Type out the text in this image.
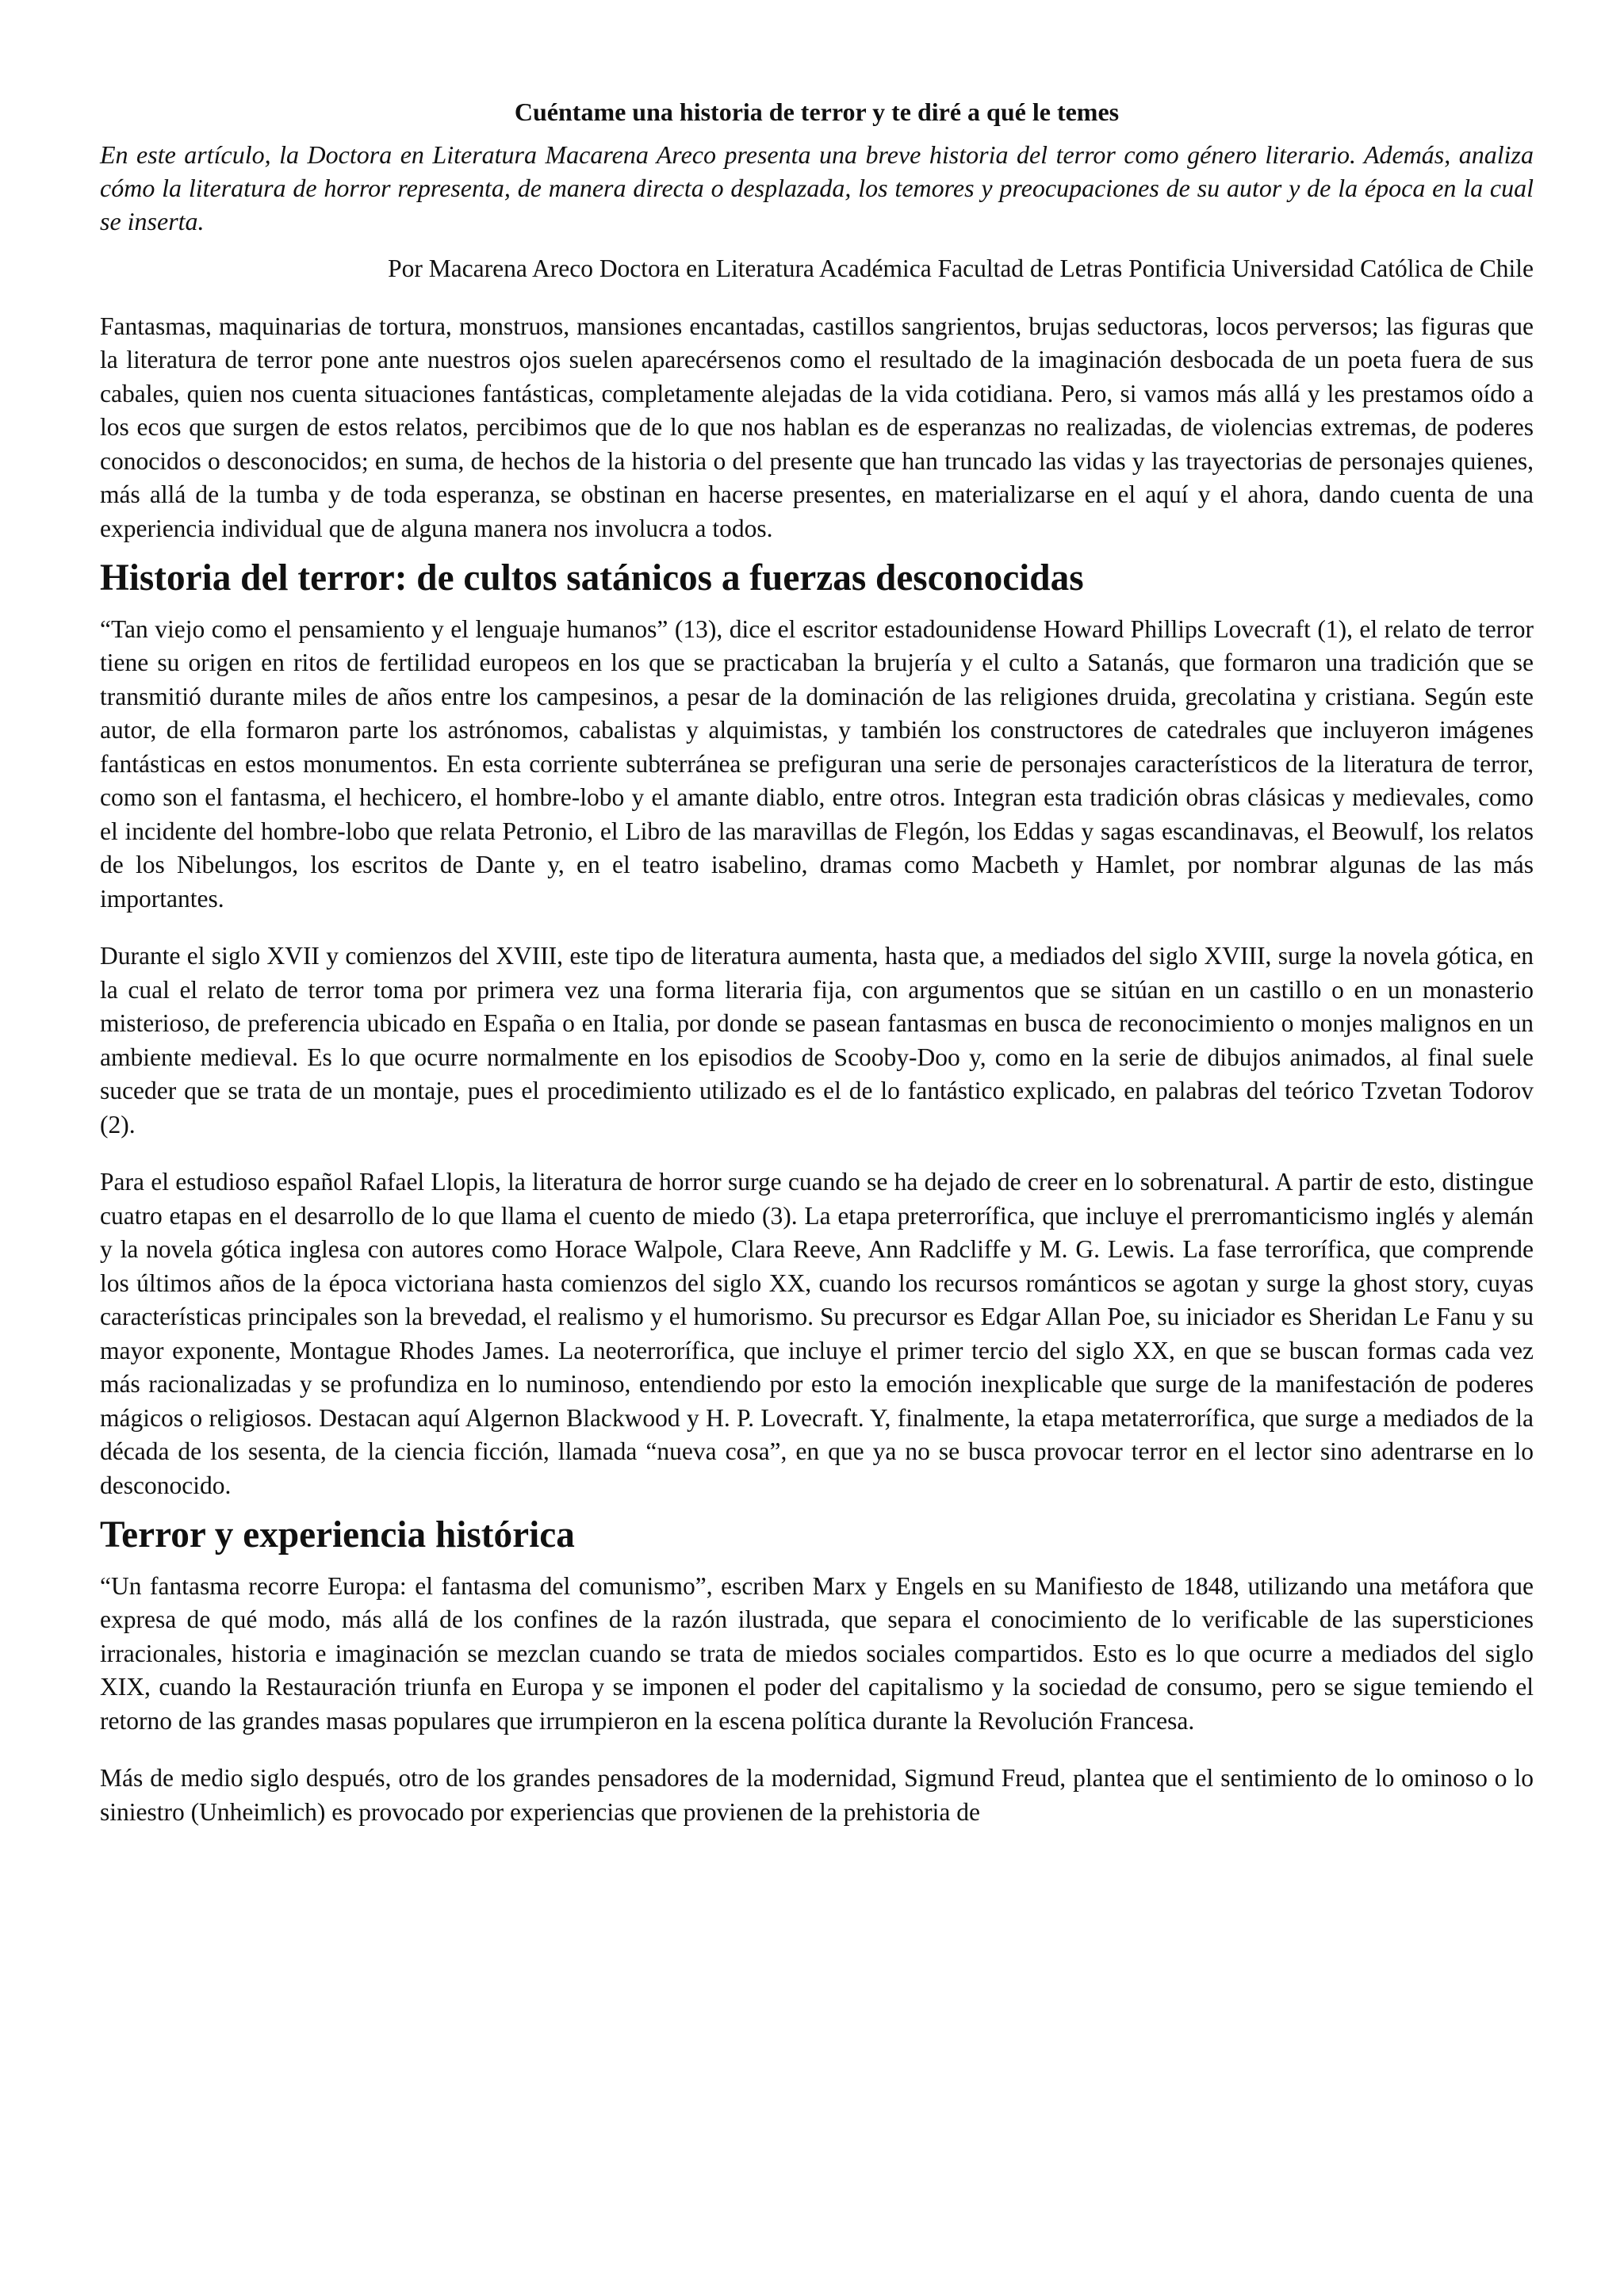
Cuéntame una historia de terror y te diré a qué le temes

En este artículo, la Doctora en Literatura Macarena Areco presenta una breve historia del terror como género literario. Además, analiza cómo la literatura de horror representa, de manera directa o desplazada, los temores y preocupaciones de su autor y de la época en la cual se inserta.

Por Macarena Areco Doctora en Literatura Académica Facultad de Letras Pontificia Universidad Católica de Chile

Fantasmas, maquinarias de tortura, monstruos, mansiones encantadas, castillos sangrientos, brujas seductoras, locos perversos; las figuras que la literatura de terror pone ante nuestros ojos suelen aparecérsenos como el resultado de la imaginación desbocada de un poeta fuera de sus cabales, quien nos cuenta situaciones fantásticas, completamente alejadas de la vida cotidiana. Pero, si vamos más allá y les prestamos oído a los ecos que surgen de estos relatos, percibimos que de lo que nos hablan es de esperanzas no realizadas, de violencias extremas, de poderes conocidos o desconocidos; en suma, de hechos de la historia o del presente que han truncado las vidas y las trayectorias de personajes quienes, más allá de la tumba y de toda esperanza, se obstinan en hacerse presentes, en materializarse en el aquí y el ahora, dando cuenta de una experiencia individual que de alguna manera nos involucra a todos.

Historia del terror: de cultos satánicos a fuerzas desconocidas

“Tan viejo como el pensamiento y el lenguaje humanos” (13), dice el escritor estadounidense Howard Phillips Lovecraft (1), el relato de terror tiene su origen en ritos de fertilidad europeos en los que se practicaban la brujería y el culto a Satanás, que formaron una tradición que se transmitió durante miles de años entre los campesinos, a pesar de la dominación de las religiones druida, grecolatina y cristiana. Según este autor, de ella formaron parte los astrónomos, cabalistas y alquimistas, y también los constructores de catedrales que incluyeron imágenes fantásticas en estos monumentos. En esta corriente subterránea se prefiguran una serie de personajes característicos de la literatura de terror, como son el fantasma, el hechicero, el hombre-lobo y el amante diablo, entre otros. Integran esta tradición obras clásicas y medievales, como el incidente del hombre-lobo que relata Petronio, el Libro de las maravillas de Flegón, los Eddas y sagas escandinavas, el Beowulf, los relatos de los Nibelungos, los escritos de Dante y, en el teatro isabelino, dramas como Macbeth y Hamlet, por nombrar algunas de las más importantes.

Durante el siglo XVII y comienzos del XVIII, este tipo de literatura aumenta, hasta que, a mediados del siglo XVIII, surge la novela gótica, en la cual el relato de terror toma por primera vez una forma literaria fija, con argumentos que se sitúan en un castillo o en un monasterio misterioso, de preferencia ubicado en España o en Italia, por donde se pasean fantasmas en busca de reconocimiento o monjes malignos en un ambiente medieval. Es lo que ocurre normalmente en los episodios de Scooby-Doo y, como en la serie de dibujos animados, al final suele suceder que se trata de un montaje, pues el procedimiento utilizado es el de lo fantástico explicado, en palabras del teórico Tzvetan Todorov (2).

Para el estudioso español Rafael Llopis, la literatura de horror surge cuando se ha dejado de creer en lo sobrenatural. A partir de esto, distingue cuatro etapas en el desarrollo de lo que llama el cuento de miedo (3). La etapa preterrorífica, que incluye el prerromanticismo inglés y alemán y la novela gótica inglesa con autores como Horace Walpole, Clara Reeve, Ann Radcliffe y M. G. Lewis. La fase terrorífica, que comprende los últimos años de la época victoriana hasta comienzos del siglo XX, cuando los recursos románticos se agotan y surge la ghost story, cuyas características principales son la brevedad, el realismo y el humorismo. Su precursor es Edgar Allan Poe, su iniciador es Sheridan Le Fanu y su mayor exponente, Montague Rhodes James. La neoterrorífica, que incluye el primer tercio del siglo XX, en que se buscan formas cada vez más racionalizadas y se profundiza en lo numinoso, entendiendo por esto la emoción inexplicable que surge de la manifestación de poderes mágicos o religiosos. Destacan aquí Algernon Blackwood y H. P. Lovecraft. Y, finalmente, la etapa metaterrorífica, que surge a mediados de la década de los sesenta, de la ciencia ficción, llamada “nueva cosa”, en que ya no se busca provocar terror en el lector sino adentrarse en lo desconocido.

Terror y experiencia histórica

“Un fantasma recorre Europa: el fantasma del comunismo”, escriben Marx y Engels en su Manifiesto de 1848, utilizando una metáfora que expresa de qué modo, más allá de los confines de la razón ilustrada, que separa el conocimiento de lo verificable de las supersticiones irracionales, historia e imaginación se mezclan cuando se trata de miedos sociales compartidos. Esto es lo que ocurre a mediados del siglo XIX, cuando la Restauración triunfa en Europa y se imponen el poder del capitalismo y la sociedad de consumo, pero se sigue temiendo el retorno de las grandes masas populares que irrumpieron en la escena política durante la Revolución Francesa.

Más de medio siglo después, otro de los grandes pensadores de la modernidad, Sigmund Freud, plantea que el sentimiento de lo ominoso o lo siniestro (Unheimlich) es provocado por experiencias que provienen de la prehistoria de
